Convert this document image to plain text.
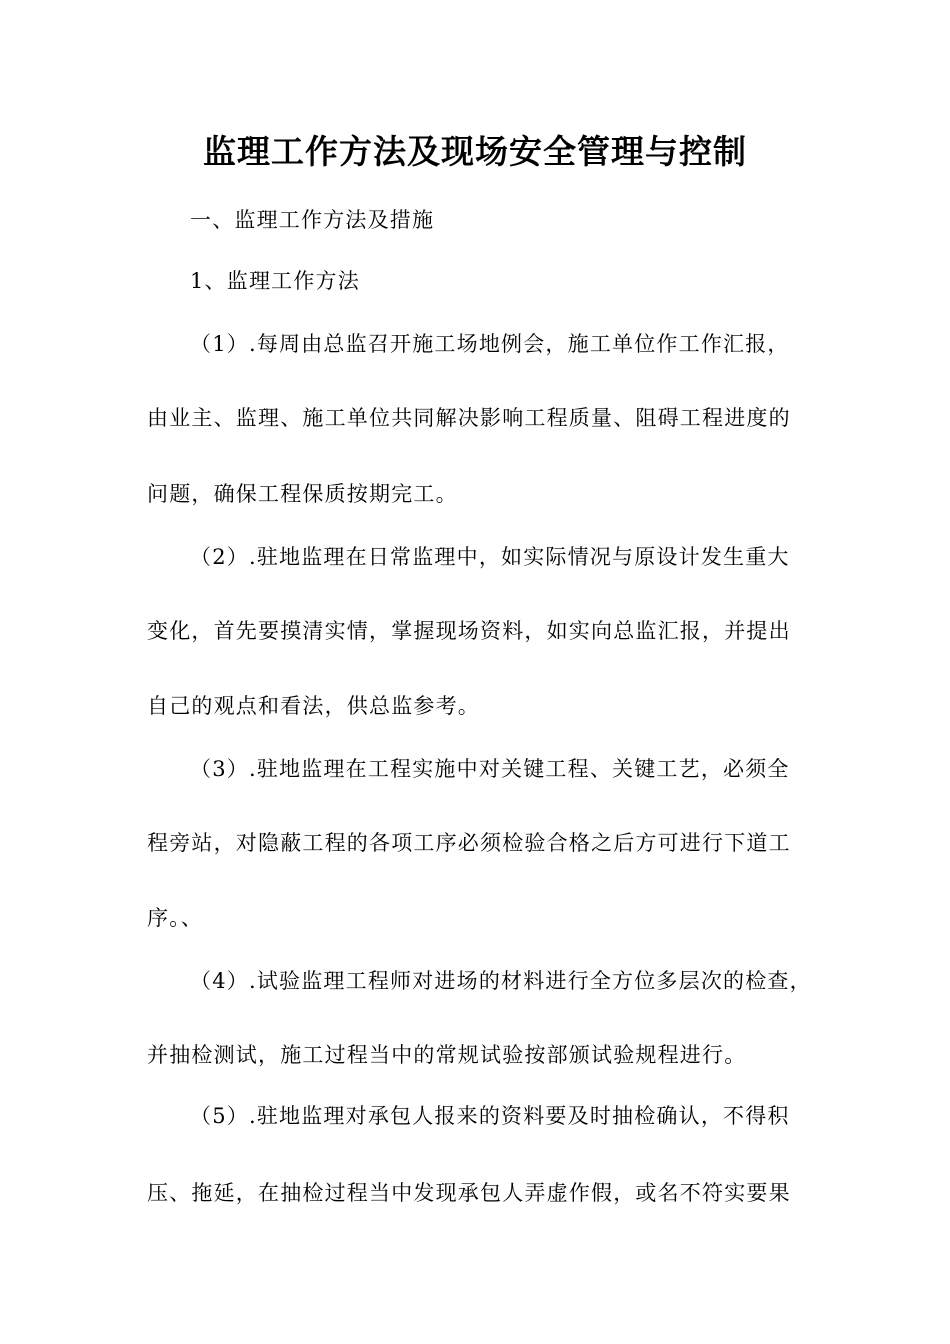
监理工作方法及现场安全管理与控制
一、监理工作方法及措施
1、监理工作方法
（1）.每周由总监召开施工场地例会，施工单位作工作汇报，
由业主、监理、施工单位共同解决影响工程质量、阻碍工程进度的
问题，确保工程保质按期完工。
（2）.驻地监理在日常监理中，如实际情况与原设计发生重大
变化，首先要摸清实情，掌握现场资料，如实向总监汇报，并提出
自己的观点和看法，供总监参考。
（3）.驻地监理在工程实施中对关键工程、关键工艺，必须全
程旁站，对隐蔽工程的各项工序必须检验合格之后方可进行下道工
序。、
（4）.试验监理工程师对进场的材料进行全方位多层次的检查，
并抽检测试，施工过程当中的常规试验按部颁试验规程进行。
（5）.驻地监理对承包人报来的资料要及时抽检确认，不得积
压、拖延，在抽检过程当中发现承包人弄虚作假，或名不符实要果
